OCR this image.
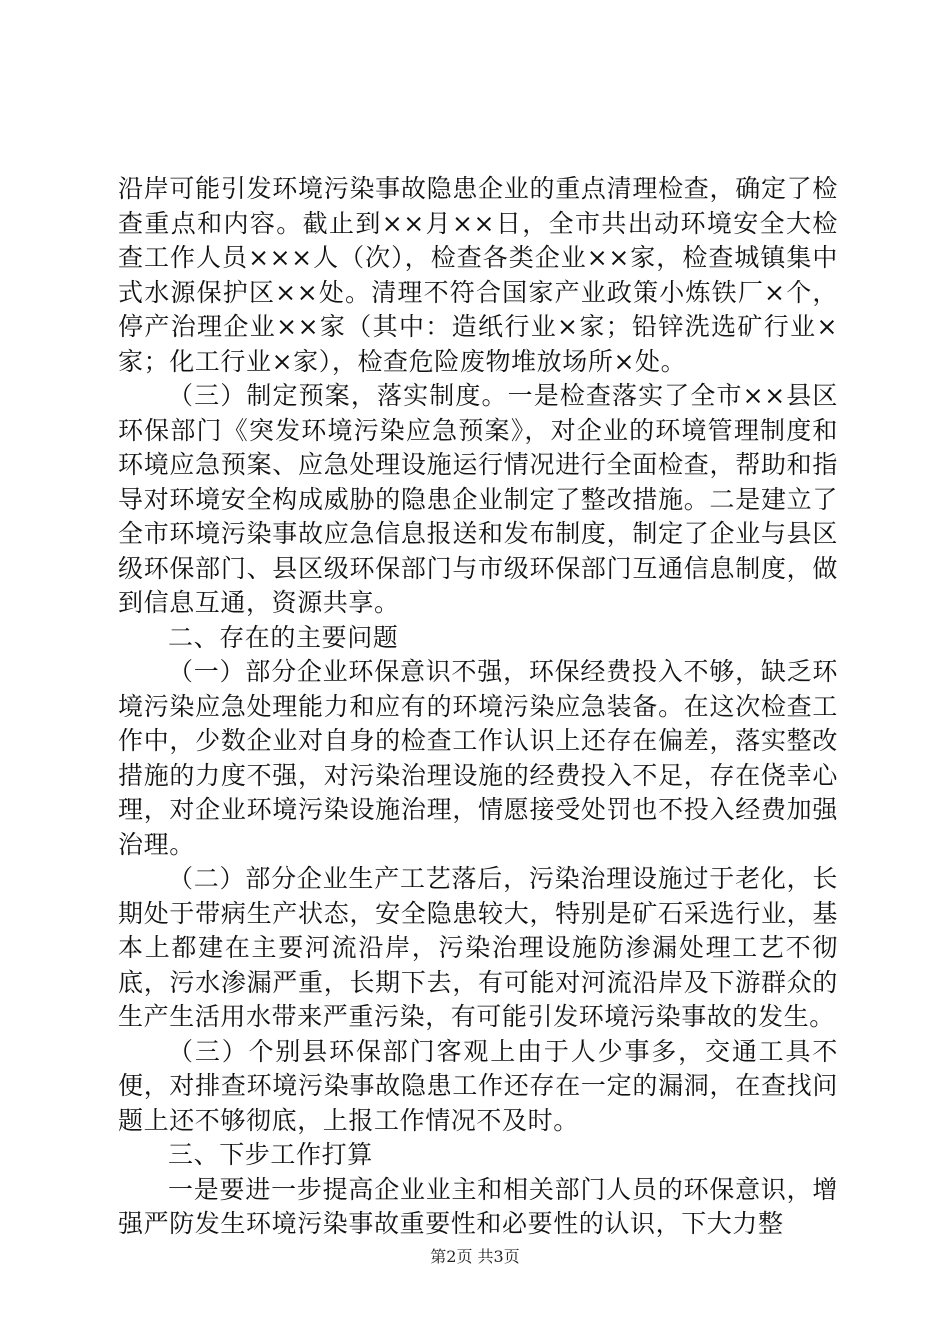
沿岸可能引发环境污染事故隐患企业的重点清理检查，确定了检查重点和内容。截止到××月××日，全市共出动环境安全大检查工作人员×××人（次），检查各类企业××家，检查城镇集中式水源保护区××处。清理不符合国家产业政策小炼铁厂×个，停产治理企业××家（其中：造纸行业×家；铅锌洗选矿行业×家；化工行业×家），检查危险废物堆放场所×处。

（三）制定预案，落实制度。一是检查落实了全市××县区环保部门《突发环境污染应急预案》，对企业的环境管理制度和环境应急预案、应急处理设施运行情况进行全面检查，帮助和指导对环境安全构成威胁的隐患企业制定了整改措施。二是建立了全市环境污染事故应急信息报送和发布制度，制定了企业与县区级环保部门、县区级环保部门与市级环保部门互通信息制度，做到信息互通，资源共享。

二、存在的主要问题

（一）部分企业环保意识不强，环保经费投入不够，缺乏环境污染应急处理能力和应有的环境污染应急装备。在这次检查工作中，少数企业对自身的检查工作认识上还存在偏差，落实整改措施的力度不强，对污染治理设施的经费投入不足，存在侥幸心理，对企业环境污染设施治理，情愿接受处罚也不投入经费加强治理。

（二）部分企业生产工艺落后，污染治理设施过于老化，长期处于带病生产状态，安全隐患较大，特别是矿石采选行业，基本上都建在主要河流沿岸，污染治理设施防渗漏处理工艺不彻底，污水渗漏严重，长期下去，有可能对河流沿岸及下游群众的生产生活用水带来严重污染，有可能引发环境污染事故的发生。

（三）个别县环保部门客观上由于人少事多，交通工具不便，对排查环境污染事故隐患工作还存在一定的漏洞，在查找问题上还不够彻底，上报工作情况不及时。

三、下步工作打算

一是要进一步提高企业业主和相关部门人员的环保意识，增强严防发生环境污染事故重要性和必要性的认识，下大力整

第2页 共3页
